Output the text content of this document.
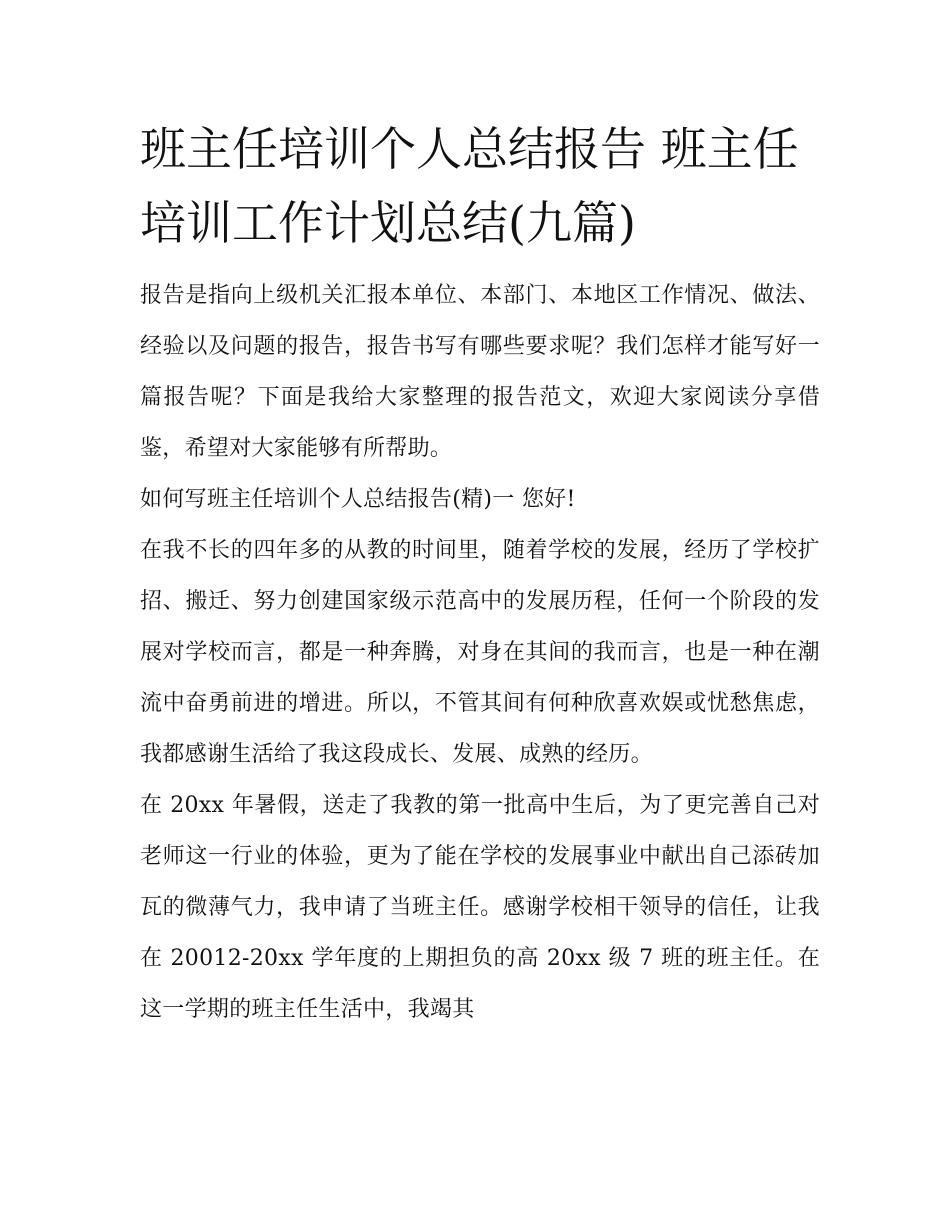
班主任培训个人总结报告 班主任培训工作计划总结(九篇)

报告是指向上级机关汇报本单位、本部门、本地区工作情况、做法、经验以及问题的报告，报告书写有哪些要求呢？我们怎样才能写好一篇报告呢？下面是我给大家整理的报告范文，欢迎大家阅读分享借鉴，希望对大家能够有所帮助。

如何写班主任培训个人总结报告(精)一 您好!

在我不长的四年多的从教的时间里，随着学校的发展，经历了学校扩招、搬迁、努力创建国家级示范高中的发展历程，任何一个阶段的发展对学校而言，都是一种奔腾，对身在其间的我而言，也是一种在潮流中奋勇前进的增进。所以，不管其间有何种欣喜欢娱或忧愁焦虑，我都感谢生活给了我这段成长、发展、成熟的经历。

在 20xx 年暑假，送走了我教的第一批高中生后，为了更完善自己对老师这一行业的体验，更为了能在学校的发展事业中献出自己添砖加瓦的微薄气力，我申请了当班主任。感谢学校相干领导的信任，让我在 20012-20xx 学年度的上期担负的高 20xx 级 7 班的班主任。在这一学期的班主任生活中，我竭其
